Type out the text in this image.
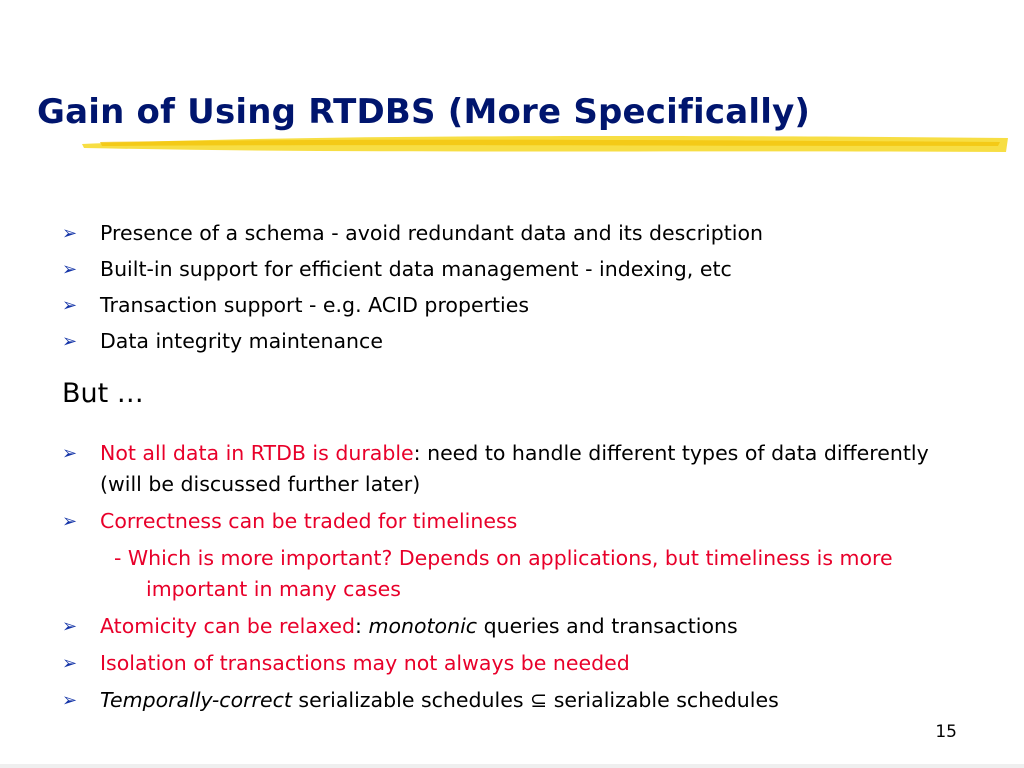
Gain of Using RTDBS (More Specifically)
➢ Presence of a schema - avoid redundant data and its description
➢ Built-in support for efficient data management - indexing, etc
➢ Transaction support - e.g. ACID properties
➢ Data integrity maintenance
But …
➢ Not all data in RTDB is durable: need to handle different types of data differently (will be discussed further later)
➢ Correctness can be traded for timeliness
- Which is more important? Depends on applications, but timeliness is more important in many cases
➢ Atomicity can be relaxed: monotonic queries and transactions
➢ Isolation of transactions may not always be needed
➢ Temporally-correct serializable schedules ⊆ serializable schedules
15
